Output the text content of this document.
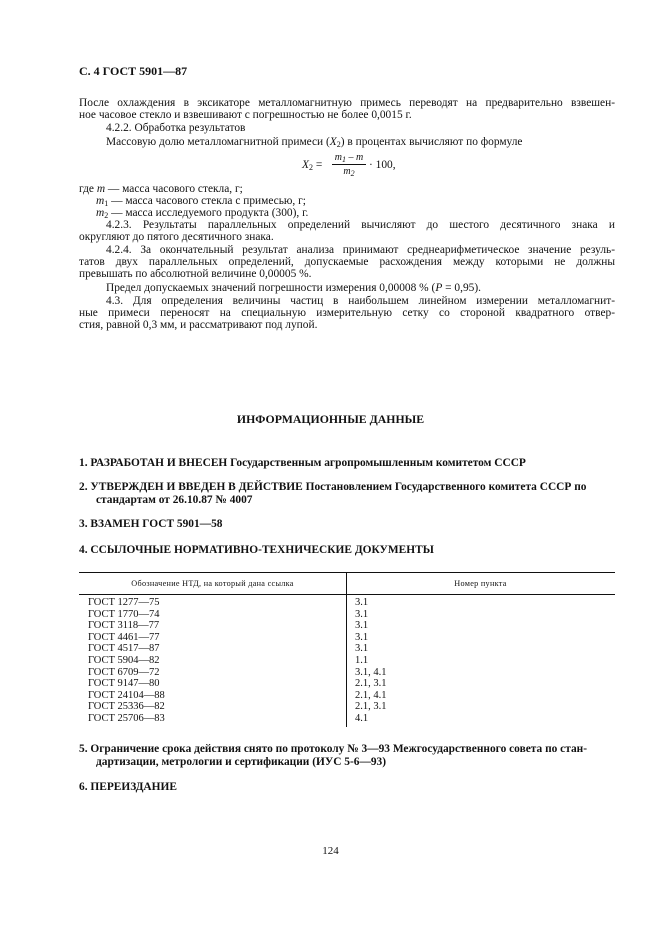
С. 4 ГОСТ 5901—87
После охлаждения в эксикаторе металломагнитную примесь переводят на предварительно взвешен-
ное часовое стекло и взвешивают с погрешностью не более 0,0015 г.
4.2.2. Обработка результатов
Массовую долю металломагнитной примеси $(X_2)$ в процентах вычисляют по формуле
$X_2$ =
$m_1$ – m
$m_2$
· 100,
где m — масса часового стекла, г;
$m_1$ — масса часового стекла с примесью, г;
$m_2$ — масса исследуемого продукта (300), г.
4.2.3. Результаты параллельных определений вычисляют до шестого десятичного знака и
округляют до пятого десятичного знака.
4.2.4. За окончательный результат анализа принимают среднеарифметическое значение резуль-
татов двух параллельных определений, допускаемые расхождения между которыми не должны
превышать по абсолютной величине 0,00005 %.
Предел допускаемых значений погрешности измерения 0,00008 % (P = 0,95).
4.3. Для определения величины частиц в наибольшем линейном измерении металломагнит-
ные примеси переносят на специальную измерительную сетку со стороной квадратного отвер-
стия, равной 0,3 мм, и рассматривают под лупой.
ИНФОРМАЦИОННЫЕ ДАННЫЕ
1. РАЗРАБОТАН И ВНЕСЕН Государственным агропромышленным комитетом СССР
2. УТВЕРЖДЕН И ВВЕДЕН В ДЕЙСТВИЕ Постановлением Государственного комитета СССР по
стандартам от 26.10.87 № 4007
3. ВЗАМЕН ГОСТ 5901—58
4. ССЫЛОЧНЫЕ НОРМАТИВНО-ТЕХНИЧЕСКИЕ ДОКУМЕНТЫ
Обозначение НТД, на который дана ссылка	Номер пункта
ГОСТ 1277—75	3.1
ГОСТ 1770—74	3.1
ГОСТ 3118—77	3.1
ГОСТ 4461—77	3.1
ГОСТ 4517—87	3.1
ГОСТ 5904—82	1.1
ГОСТ 6709—72	3.1, 4.1
ГОСТ 9147—80	2.1, 3.1
ГОСТ 24104—88	2.1, 4.1
ГОСТ 25336—82	2.1, 3.1
ГОСТ 25706—83	4.1
5. Ограничение срока действия снято по протоколу № 3—93 Межгосударственного совета по стан-
дартизации, метрологии и сертификации (ИУС 5-6—93)
6. ПЕРЕИЗДАНИЕ
124
